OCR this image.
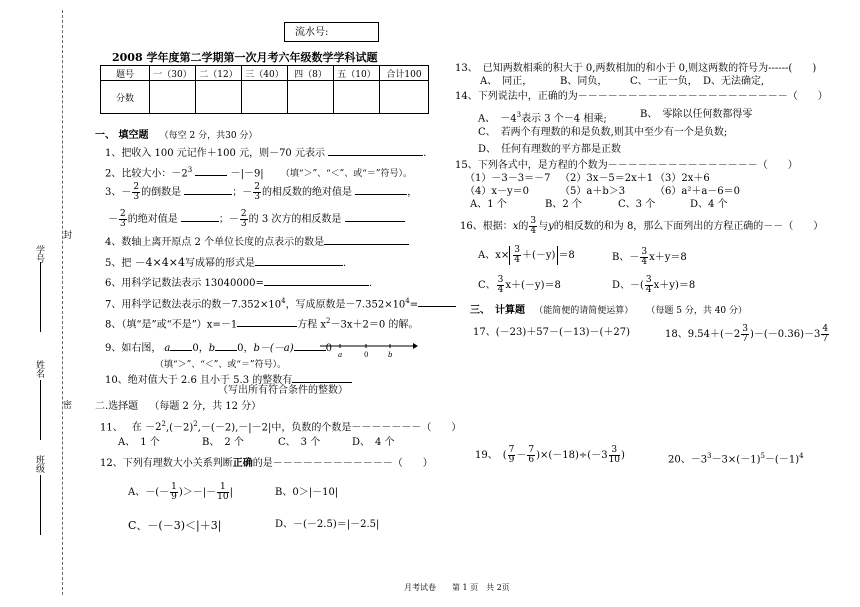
学号
封
姓名
密
班级
流水号:
2008 学年度第二学期第一次月考六年级数学学科试题
题号	一（30）	二（12）	三（40）	四（8）	五（10）	合计100
分数						
一、 填空题 （每空 2 分，共30 分）
1、把收入 100 元记作＋100 元，则－70 元表示	.
2、比较大小：$-2^3$	－|－9| （填“＞”、“＜”、或“＝”符号）。
3、－ $\frac{2}{3}$ 的倒数是	；－ $\frac{2}{3}$ 的相反数的绝对值是	，
－ $\frac{2}{3}$ 的绝对值是	；－ $\frac{2}{3}$ 的 3 次方的相反数是
4、数轴上离开原点 2 个单位长度的点表示的数是
5、把 －4×4×4写成幂的形式是	.
6、用科学记数法表示 13040000=	.
7、用科学记数法表示的数$-7.352\times 10^4$，写成原数是$-7.352\times 10^4=$
8、（填“是”或“不是”）x=－1	方程 $x^2-3x+2=0$ 的解。
9、如右图， a 0，b 0，b－(－a)	0
a	0	b
（填“＞”、“＜”、或“＝”符号）。
10、绝对值大于 2.6 且小于 5.3 的整数有
（写出所有符合条件的整数）
二.选择题 （每题 2 分，共 12 分）
11、 在 $-2^2,(-2)^2,-(-2),-|-2|$中，负数的个数是－－－－－－－（　　）
A、　1 个	B、　2 个	C、　3 个	D、　4 个
12、下列有理数大小关系判断正确的是－－－－－－－－－－－－（　　）
A、－(－ $\frac{1}{9}$ )＞－|－ $\frac{1}{10}$ |	B、0＞|－10|
C、－(－3)＜|＋3|	D、－(－2.5)＝|－2.5|
13、　已知两数相乘的积大于 0,两数相加的和小于 0,则这两数的符号为------(　　)
A、　同正，	B、同负， C、一正一负， D、无法确定,
14、下列说法中，正确的为－－－－－－－－－－－－－－－－－－－－－（　　）
A、　$-4^3$表示 3 个－4 相乘;	B、　零除以任何数都得零
C、　若两个有理数的和是负数,则其中至少有一个是负数;
D、　任何有理数的平方都是正数
15、下列各式中，是方程的个数为－－－－－－－－－－－－－－－（　　）
（1）－3－3＝－7 （2）3x－5＝2x＋1 （3）2x＋6
（4）x－y＝0	（5）a＋b＞3	（6）a²＋a－6＝0
A、1 个	B、2 个	C、3 个	D、4 个
16、根据：x的 $\frac{3}{4}$ 与y的相反数的和为 8，那么下面列出的方程正确的－－（　　）
A、$x\times \frac{3}{4} +(-y) =8$	B、－ $\frac{3}{4} x+y=8$
C、 $\frac{3}{4} x+(-y)=8$	D、－( $\frac{3}{4} x+y)=8$
三、　计算题 （能简便的请简便运算） （每题 5 分，共 40 分）
17、(－23)＋57－(－13)－(＋27)	18、$9.54+(-2 \frac{3}{7} )-(-0.36)-3 \frac{4}{7}$
19、　( $\frac{7}{9} - \frac{7}{6} )\times(-18)\div(-3 \frac{3}{10}$ )	20、$-3^3-3\times(-1)^5-(-1)^4$
月考试卷　　第 1 页　共 2页
